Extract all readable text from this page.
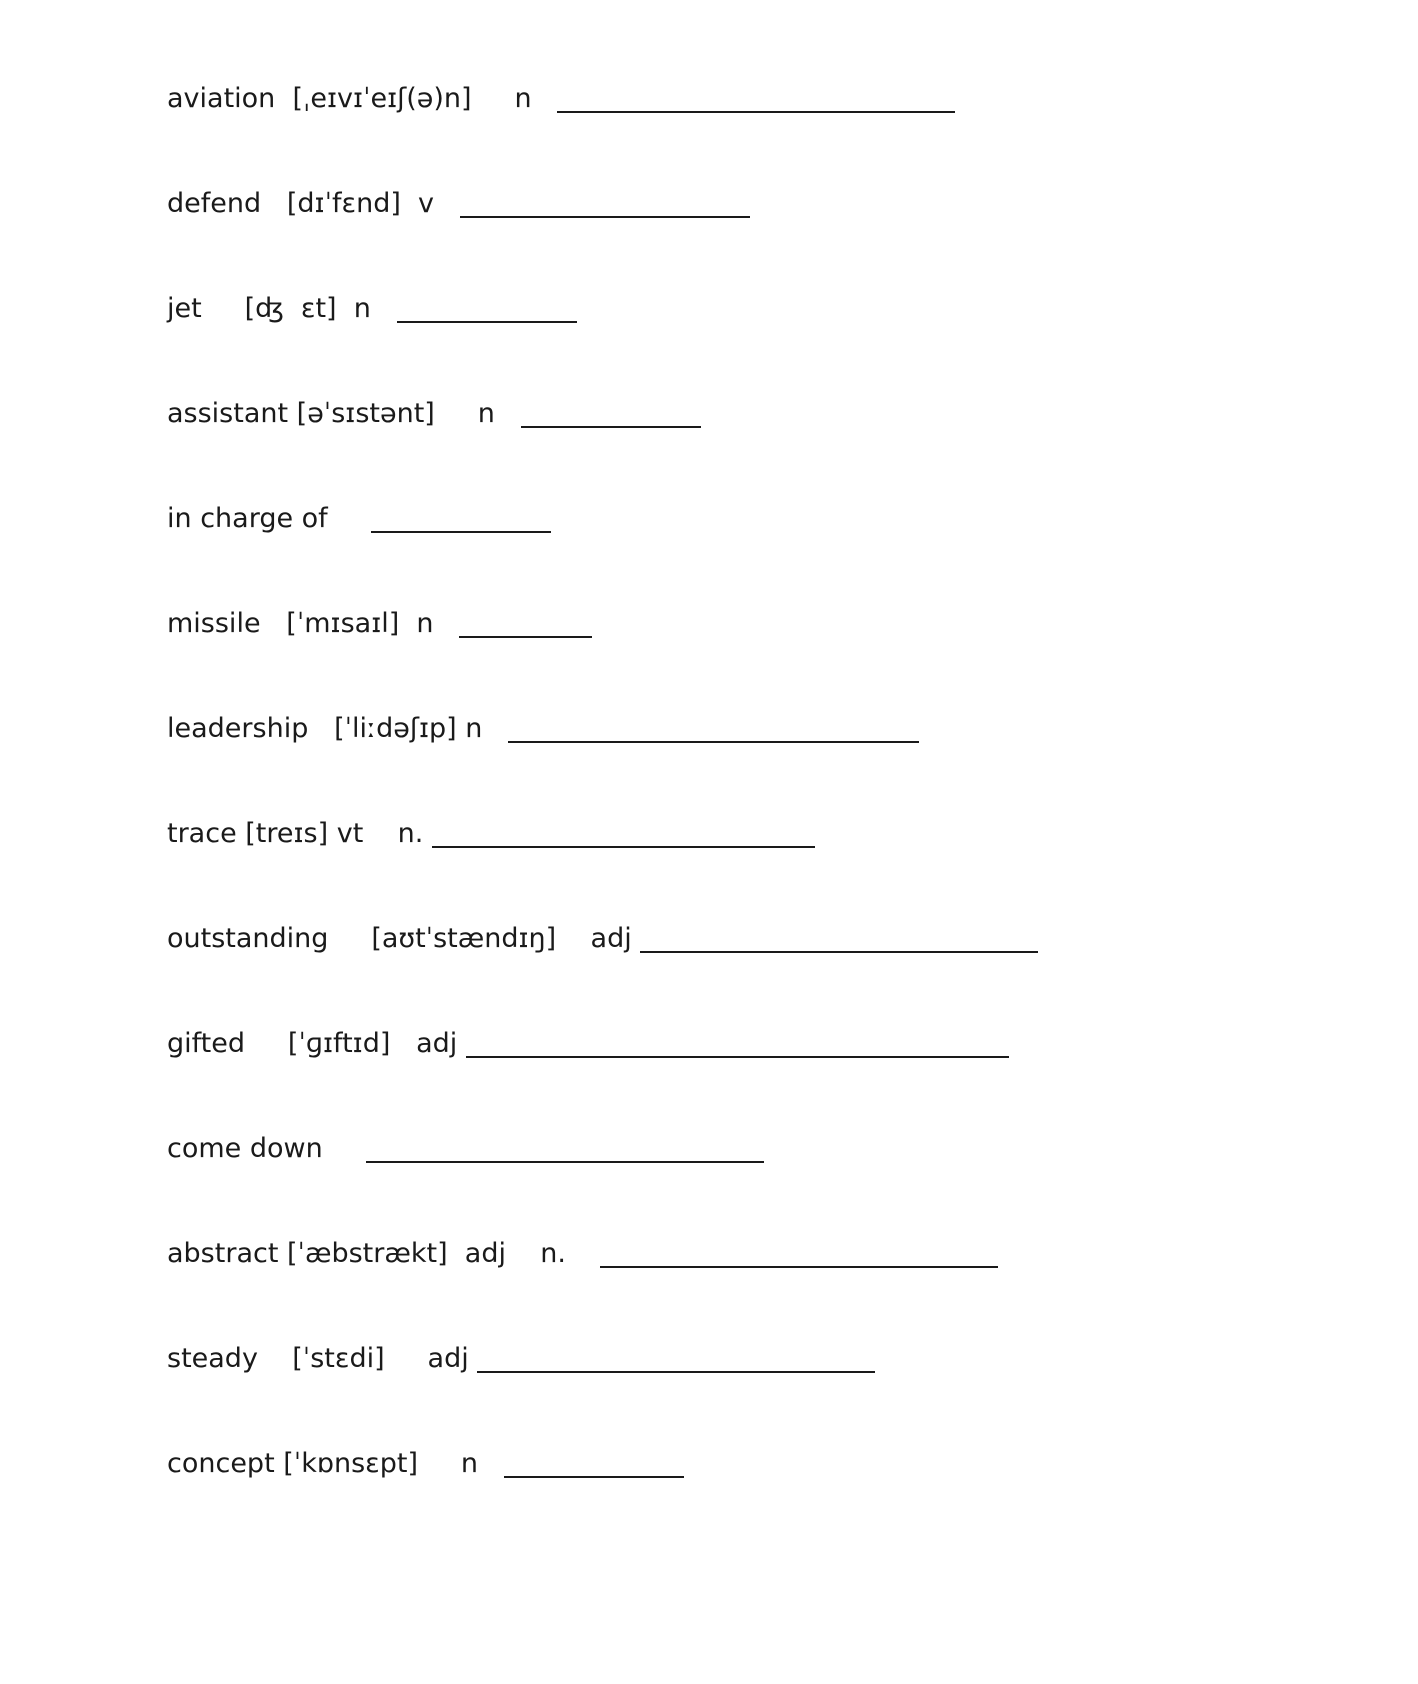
aviation  [ˌeɪvɪˈeɪʃ(ə)n]     n
defend   [dɪˈfɛnd]  v
jet     [ʤ  ɛt]  n
assistant [əˈsɪstənt]     n
in charge of
missile   [ˈmɪsaɪl]  n
leadership   [ˈliːdəʃɪp] n
trace [treɪs] vt    n.
outstanding     [aʊtˈstændɪŋ]    adj
gifted     [ˈɡɪftɪd]   adj
come down
abstract [ˈæbstrækt]  adj    n.
steady    [ˈstɛdi]     adj
concept [ˈkɒnsɛpt]     n
